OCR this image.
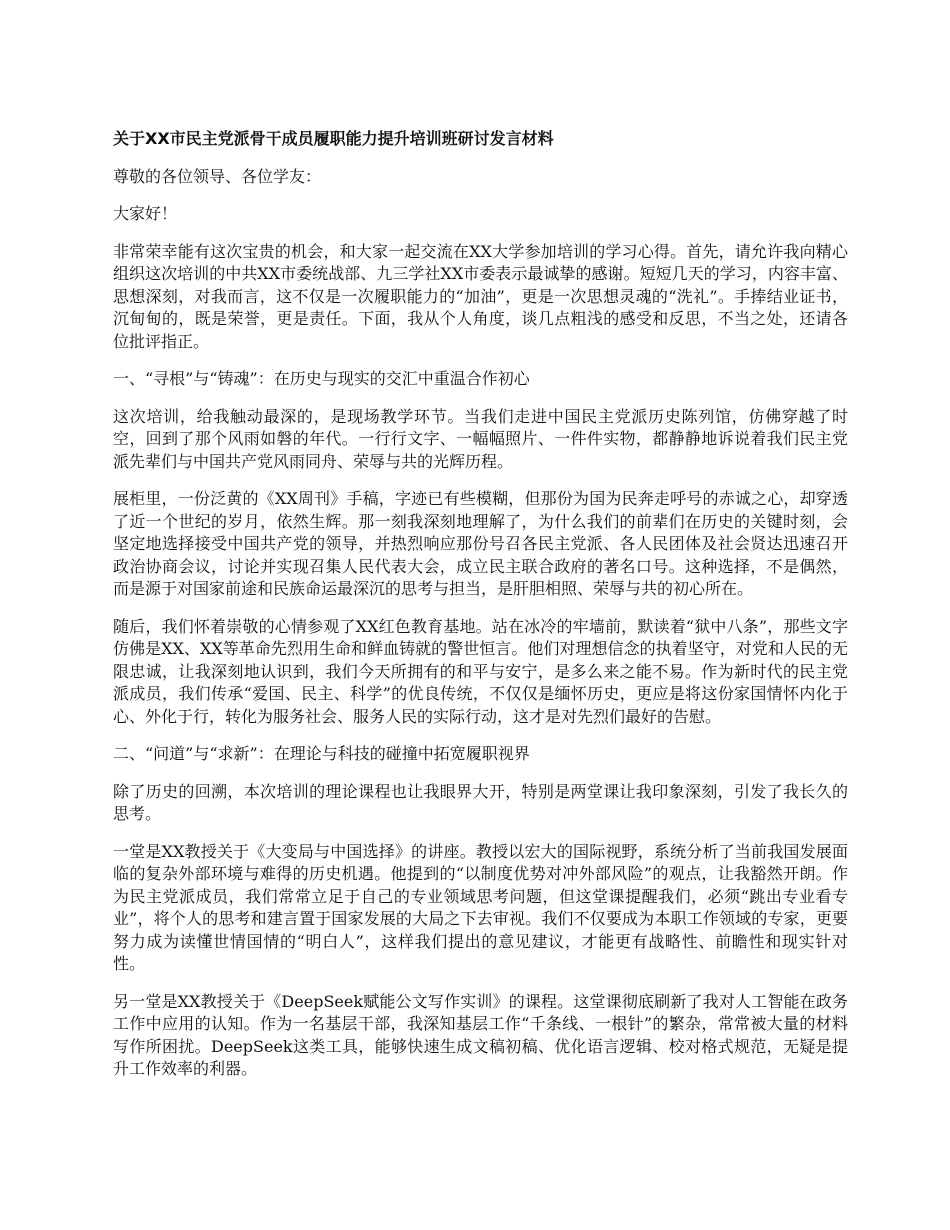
关于XX市民主党派骨干成员履职能力提升培训班研讨发言材料
尊敬的各位领导、各位学友：
大家好！
非常荣幸能有这次宝贵的机会，和大家一起交流在XX大学参加培训的学习心得。首先，请允许我向精心组织这次培训的中共XX市委统战部、九三学社XX市委表示最诚挚的感谢。短短几天的学习，内容丰富、思想深刻，对我而言，这不仅是一次履职能力的“加油”，更是一次思想灵魂的“洗礼”。手捧结业证书，沉甸甸的，既是荣誉，更是责任。下面，我从个人角度，谈几点粗浅的感受和反思，不当之处，还请各位批评指正。
一、“寻根”与“铸魂”：在历史与现实的交汇中重温合作初心
这次培训，给我触动最深的，是现场教学环节。当我们走进中国民主党派历史陈列馆，仿佛穿越了时空，回到了那个风雨如磐的年代。一行行文字、一幅幅照片、一件件实物，都静静地诉说着我们民主党派先辈们与中国共产党风雨同舟、荣辱与共的光辉历程。
展柜里，一份泛黄的《XX周刊》手稿，字迹已有些模糊，但那份为国为民奔走呼号的赤诚之心，却穿透了近一个世纪的岁月，依然生辉。那一刻我深刻地理解了，为什么我们的前辈们在历史的关键时刻，会坚定地选择接受中国共产党的领导，并热烈响应那份号召各民主党派、各人民团体及社会贤达迅速召开政治协商会议，讨论并实现召集人民代表大会，成立民主联合政府的著名口号。这种选择，不是偶然，而是源于对国家前途和民族命运最深沉的思考与担当，是肝胆相照、荣辱与共的初心所在。
随后，我们怀着崇敬的心情参观了XX红色教育基地。站在冰冷的牢墙前，默读着“狱中八条”，那些文字仿佛是XX、XX等革命先烈用生命和鲜血铸就的警世恒言。他们对理想信念的执着坚守，对党和人民的无限忠诚，让我深刻地认识到，我们今天所拥有的和平与安宁，是多么来之能不易。作为新时代的民主党派成员，我们传承“爱国、民主、科学”的优良传统，不仅仅是缅怀历史，更应是将这份家国情怀内化于心、外化于行，转化为服务社会、服务人民的实际行动，这才是对先烈们最好的告慰。
二、“问道”与“求新”：在理论与科技的碰撞中拓宽履职视界
除了历史的回溯，本次培训的理论课程也让我眼界大开，特别是两堂课让我印象深刻，引发了我长久的思考。
一堂是XX教授关于《大变局与中国选择》的讲座。教授以宏大的国际视野，系统分析了当前我国发展面临的复杂外部环境与难得的历史机遇。他提到的“以制度优势对冲外部风险”的观点，让我豁然开朗。作为民主党派成员，我们常常立足于自己的专业领域思考问题，但这堂课提醒我们，必须“跳出专业看专业”，将个人的思考和建言置于国家发展的大局之下去审视。我们不仅要成为本职工作领域的专家，更要努力成为读懂世情国情的“明白人”，这样我们提出的意见建议，才能更有战略性、前瞻性和现实针对性。
另一堂是XX教授关于《DeepSeek赋能公文写作实训》的课程。这堂课彻底刷新了我对人工智能在政务工作中应用的认知。作为一名基层干部，我深知基层工作“千条线、一根针”的繁杂，常常被大量的材料写作所困扰。DeepSeek这类工具，能够快速生成文稿初稿、优化语言逻辑、校对格式规范，无疑是提升工作效率的利器。
